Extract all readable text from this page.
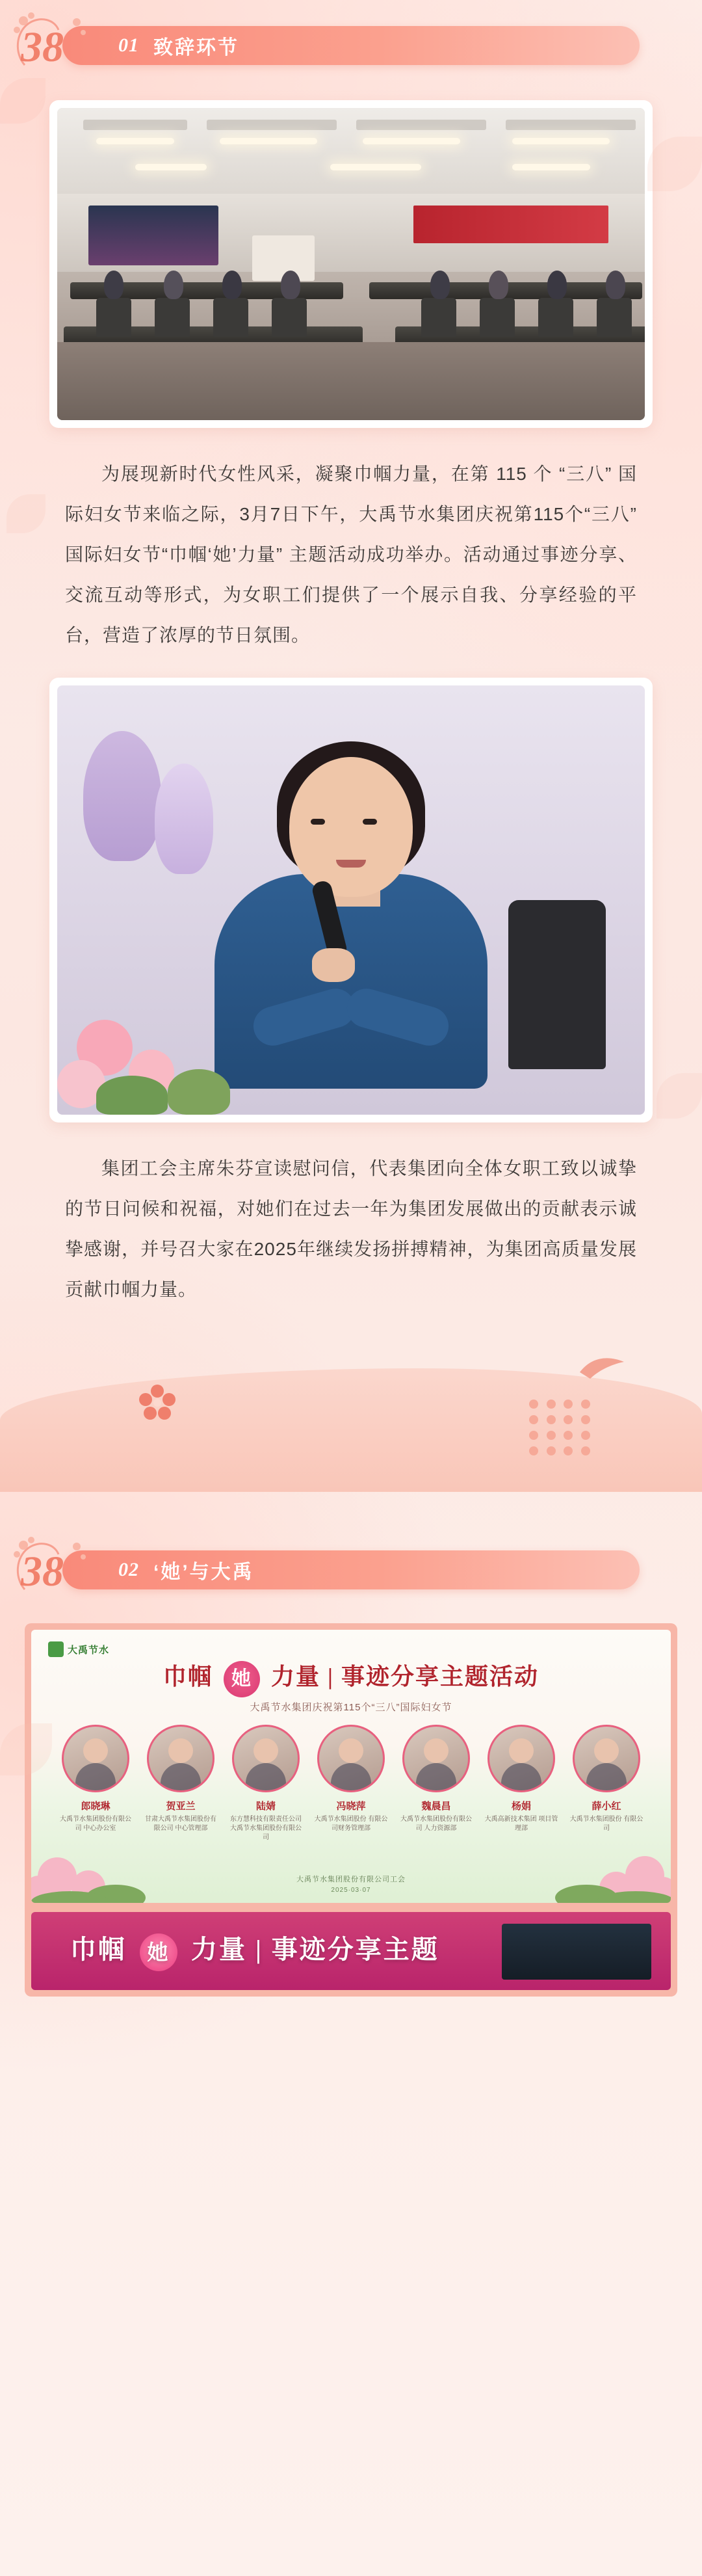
38	01 致辞环节

为展现新时代女性风采，凝聚巾帼力量，在第 115 个 “三八” 国际妇女节来临之际，3月7日下午，大禹节水集团庆祝第115个“三八” 国际妇女节“巾帼‘她’力量” 主题活动成功举办。活动通过事迹分享、交流互动等形式，为女职工们提供了一个展示自我、分享经验的平台，营造了浓厚的节日氛围。

集团工会主席朱芬宣读慰问信，代表集团向全体女职工致以诚挚的节日问候和祝福，对她们在过去一年为集团发展做出的贡献表示诚挚感谢，并号召大家在2025年继续发扬拼搏精神，为集团高质量发展贡献巾帼力量。

38	02 ‘她’与大禹
大禹节水
巾帼 她 力量 | 事迹分享主题活动
大禹节水集团庆祝第115个“三八”国际妇女节
郎晓琳
大禹节水集团股份有限公司 中心办公室
贺亚兰
甘肃大禹节水集团股份有限公司 中心管理部
陆婧
东方慧科技有限责任公司 大禹节水集团股份有限公司
冯晓萍
大禹节水集团股份 有限公司财务管理部
魏晨昌
大禹节水集团股份有限公司 人力资源部
杨娟
大禹高新技术集团 项目管理部
薛小红
大禹节水集团股份 有限公司
大禹节水集团股份有限公司工会
2025·03·07
巾帼 她 力量 | 事迹分享主题
